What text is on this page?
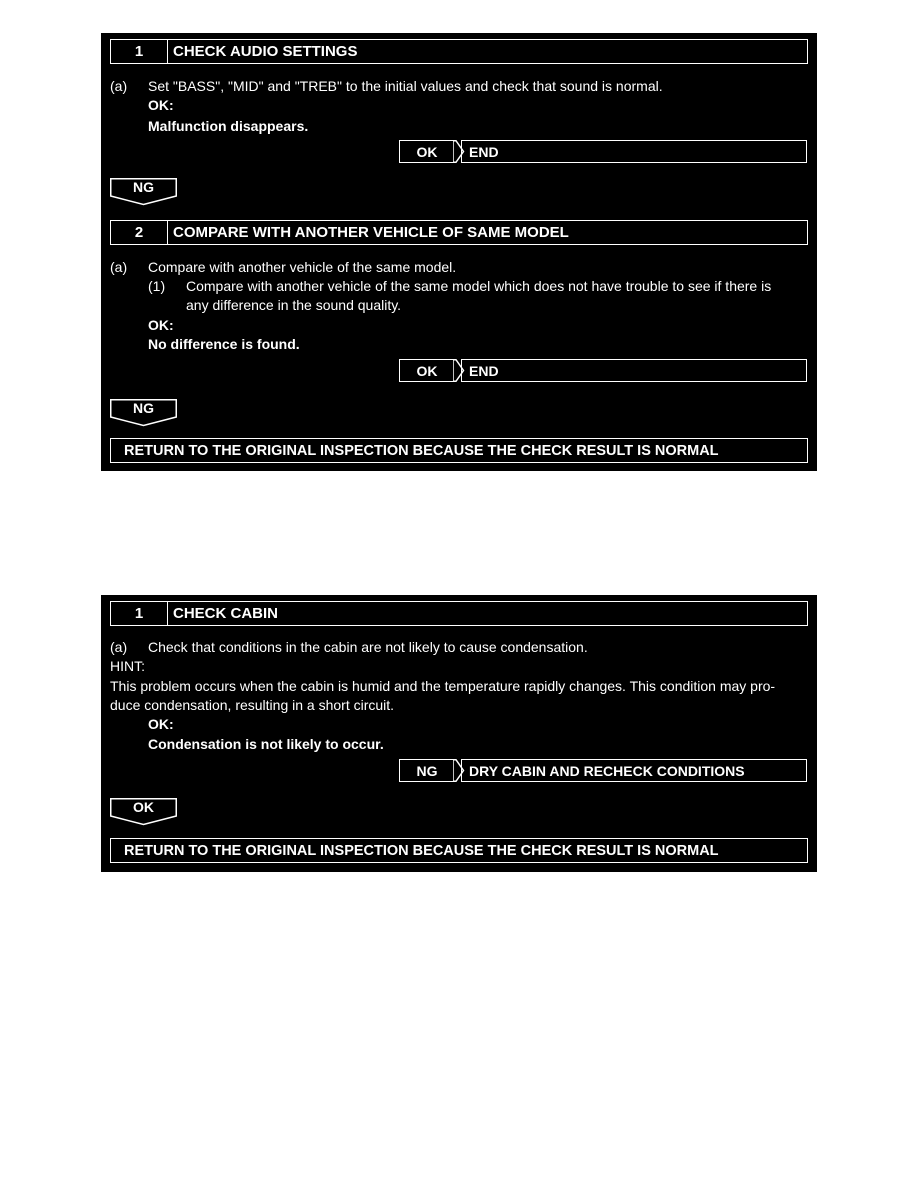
1	CHECK AUDIO SETTINGS
(a) Set "BASS", "MID" and "TREB" to the initial values and check that sound is normal.
OK:
Malfunction disappears.
OK END
NG
2	COMPARE WITH ANOTHER VEHICLE OF SAME MODEL
(a) Compare with another vehicle of the same model.
(1) Compare with another vehicle of the same model which does not have trouble to see if there is
any difference in the sound quality.
OK:
No difference is found.
OK END
NG
RETURN TO THE ORIGINAL INSPECTION BECAUSE THE CHECK RESULT IS NORMAL
1	CHECK CABIN
(a) Check that conditions in the cabin are not likely to cause condensation.
HINT:
This problem occurs when the cabin is humid and the temperature rapidly changes. This condition may pro-
duce condensation, resulting in a short circuit.
OK:
Condensation is not likely to occur.
NG DRY CABIN AND RECHECK CONDITIONS
OK
RETURN TO THE ORIGINAL INSPECTION BECAUSE THE CHECK RESULT IS NORMAL
